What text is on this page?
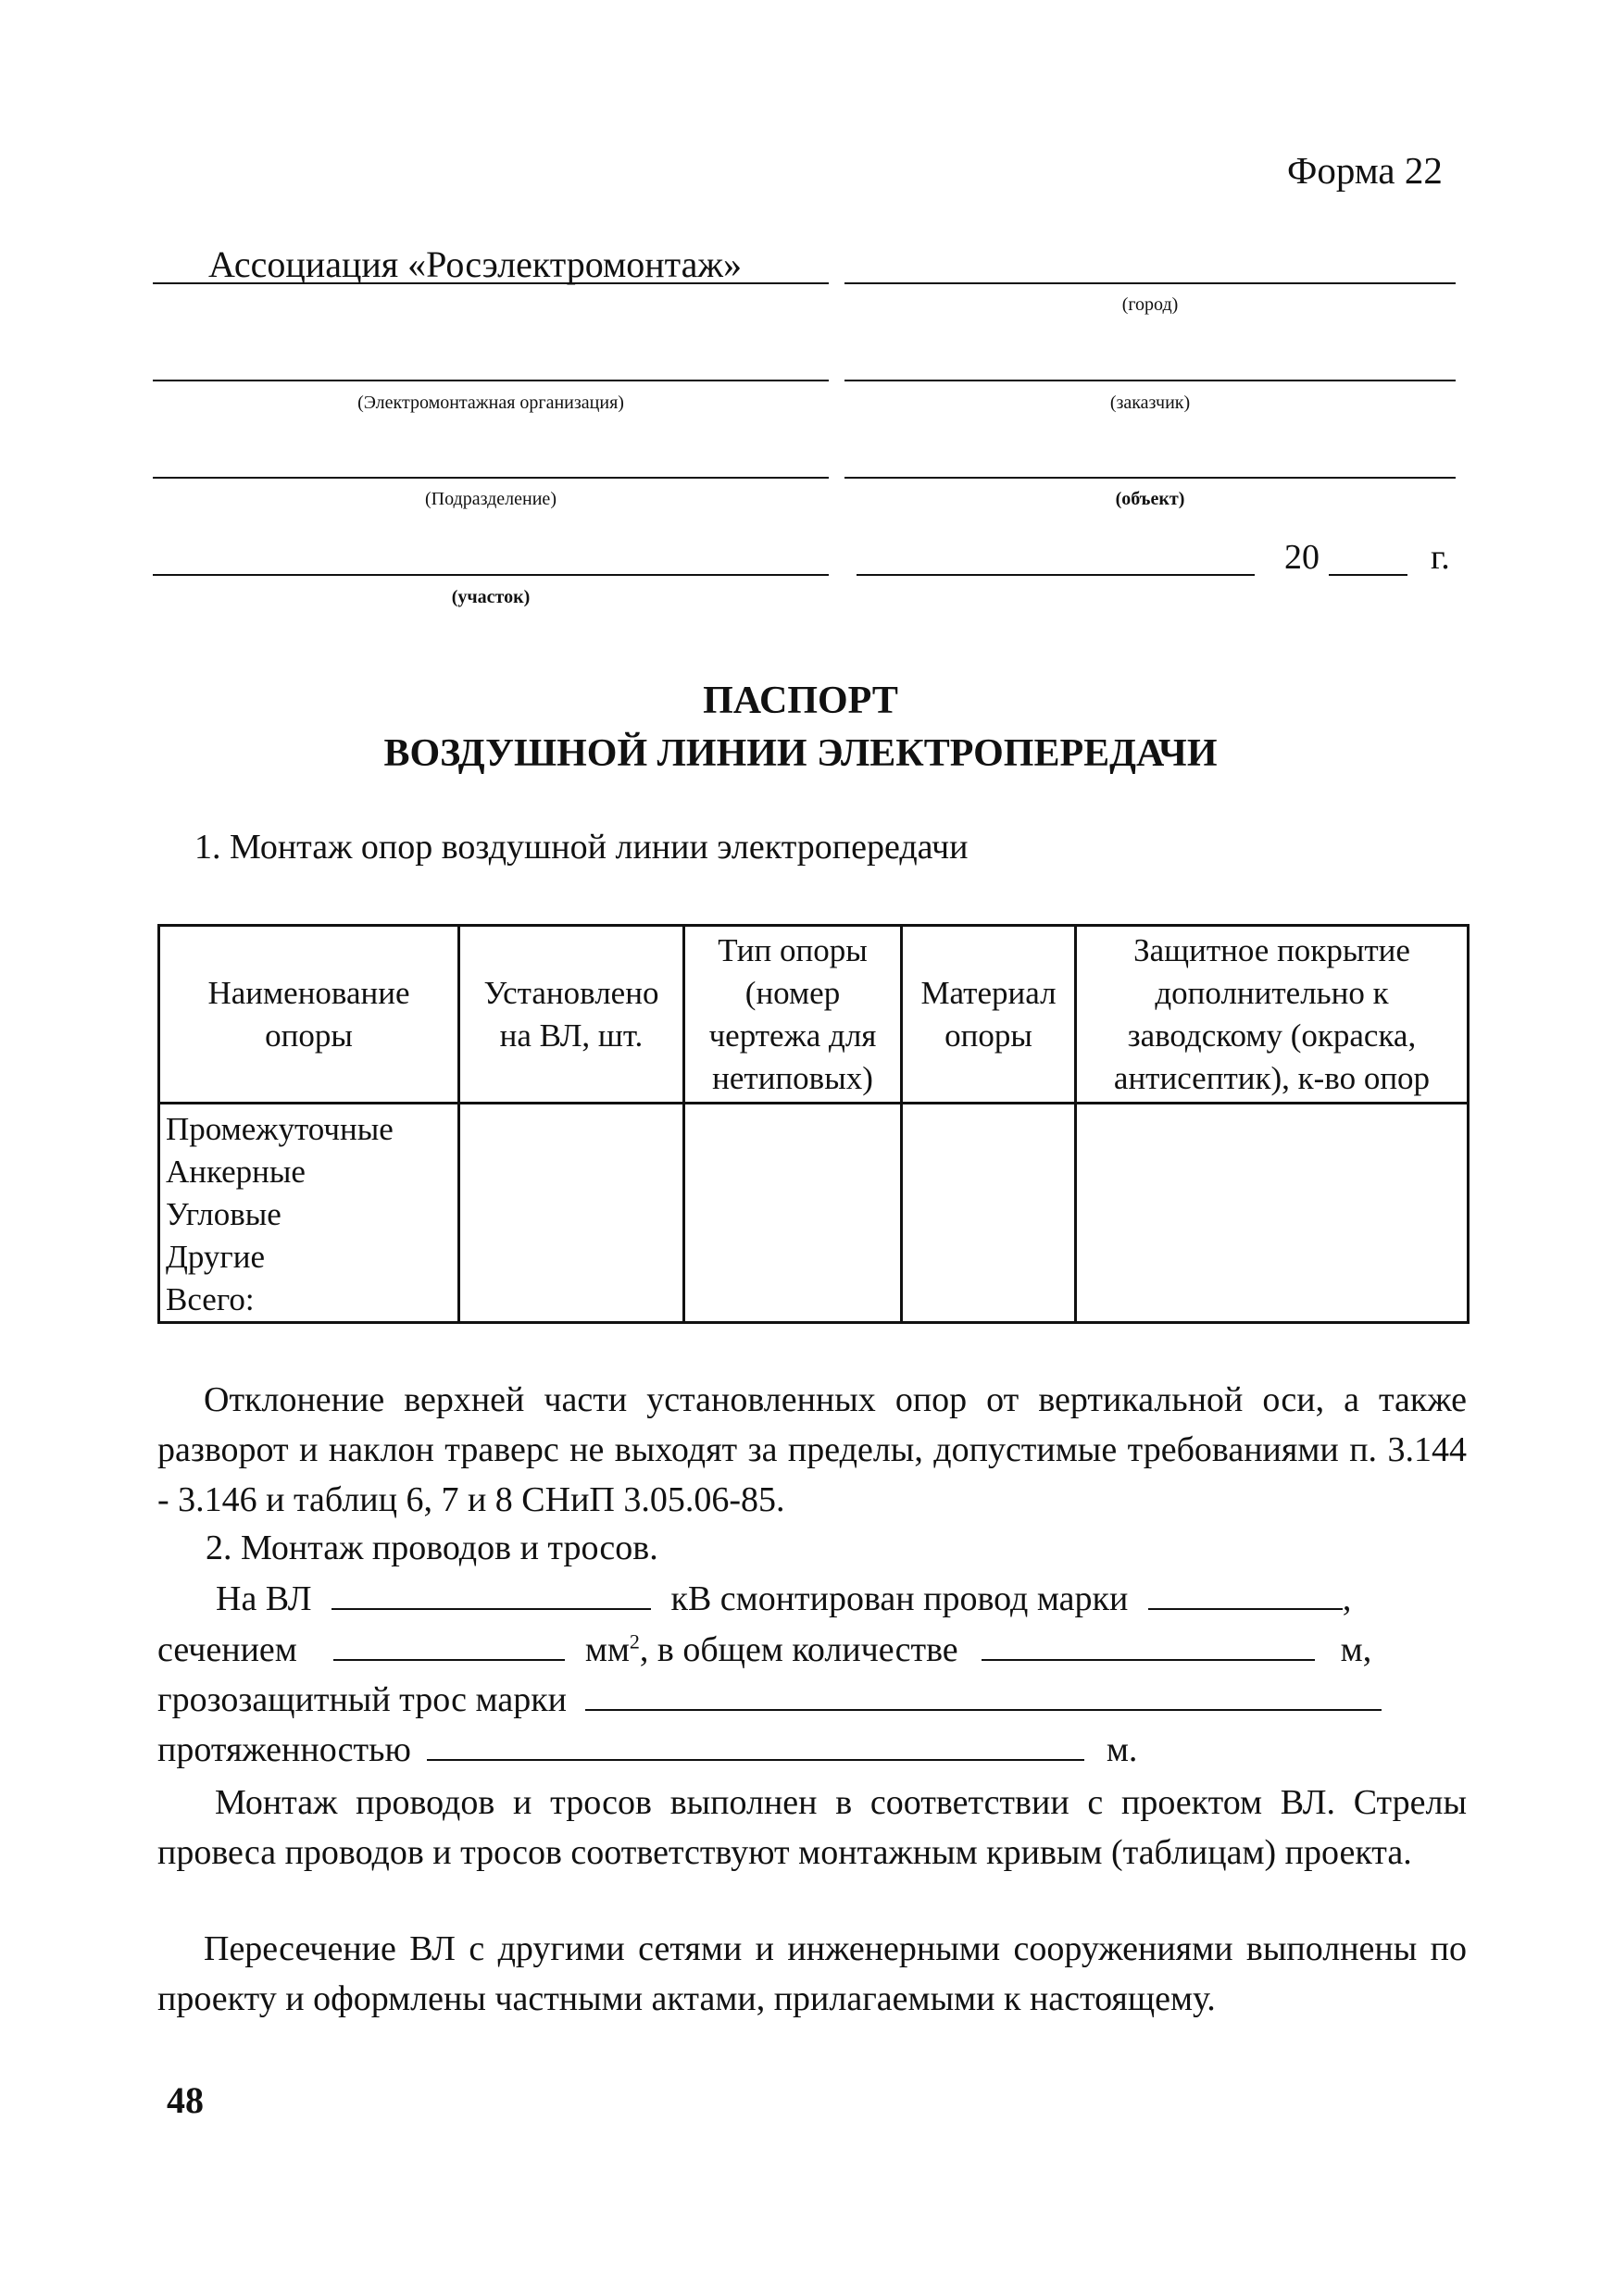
Форма 22
Ассоциация «Росэлектромонтаж»
(город)
(Электромонтажная организация)	(заказчик)
(Подразделение)	(объект)
20	г.
(участок)
ПАСПОРТ
ВОЗДУШНОЙ ЛИНИИ ЭЛЕКТРОПЕРЕДАЧИ
1. Монтаж опор воздушной линии электропередачи
Наименование опоры	Установлено на ВЛ, шт.	Тип опоры (номер чертежа для нетиповых)	Материал опоры	Защитное покрытие дополнительно к заводскому (окраска, антисептик), к-во опор

Промежуточные
Анкерные
Угловые
Другие
Всего:				

Отклонение верхней части установленных опор от вертикальной оси, а также разворот и наклон траверс не выходят за пределы, допустимые требованиями п. 3.144 - 3.146 и таблиц 6, 7 и 8 СНиП 3.05.06-85.
2. Монтаж проводов и тросов.
На ВЛ	кВ смонтирован провод марки	,
сечением	$мм^2$, в общем количестве	м,
грозозащитный трос марки
протяженностью	м.
Монтаж проводов и тросов выполнен в соответствии с проектом ВЛ. Стрелы провеса проводов и тросов соответствуют монтажным кривым (таблицам) проекта.
Пересечение ВЛ с другими сетями и инженерными сооружениями выполнены по проекту и оформлены частными актами, прилагаемыми к настоящему.
48
